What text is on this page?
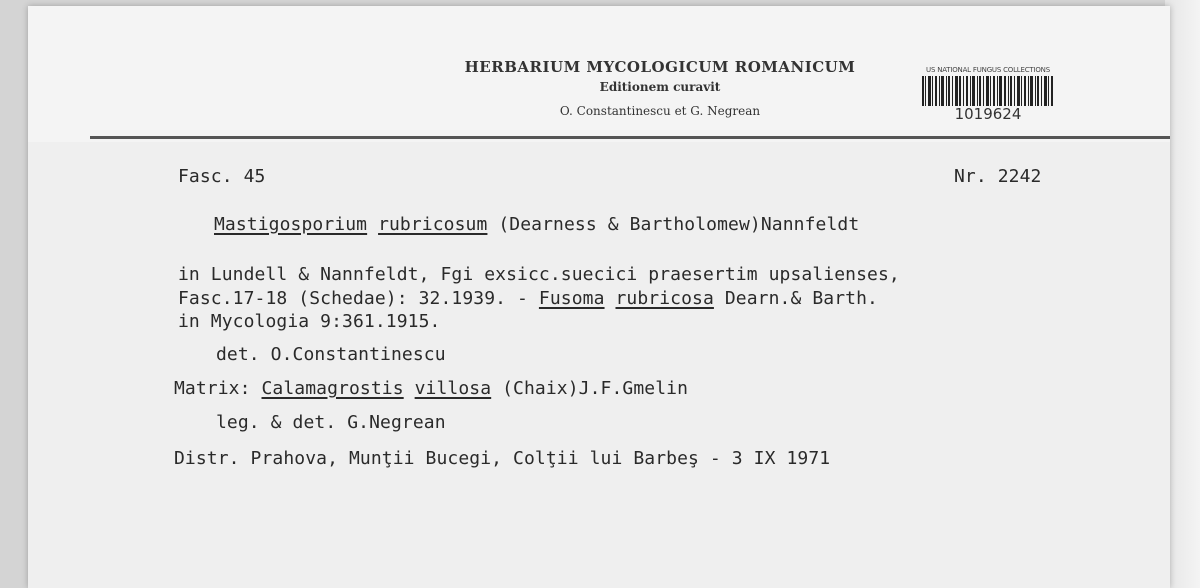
HERBARIUM MYCOLOGICUM ROMANICUM
Editionem curavit
O. Constantinescu et G. Negrean
US NATIONAL FUNGUS COLLECTIONS
1019624
Fasc. 45	Nr. 2242
Mastigosporium rubricosum (Dearness & Bartholomew)Nannfeldt
in Lundell & Nannfeldt, Fgi exsicc.suecici praesertim upsalienses,
Fasc.17-18 (Schedae): 32.1939. - Fusoma rubricosa Dearn.& Barth.
in Mycologia 9:361.1915.
det. O.Constantinescu
Matrix: Calamagrostis villosa (Chaix)J.F.Gmelin
leg. & det. G.Negrean
Distr. Prahova, Munţii Bucegi, Colţii lui Barbeş - 3 IX 1971
